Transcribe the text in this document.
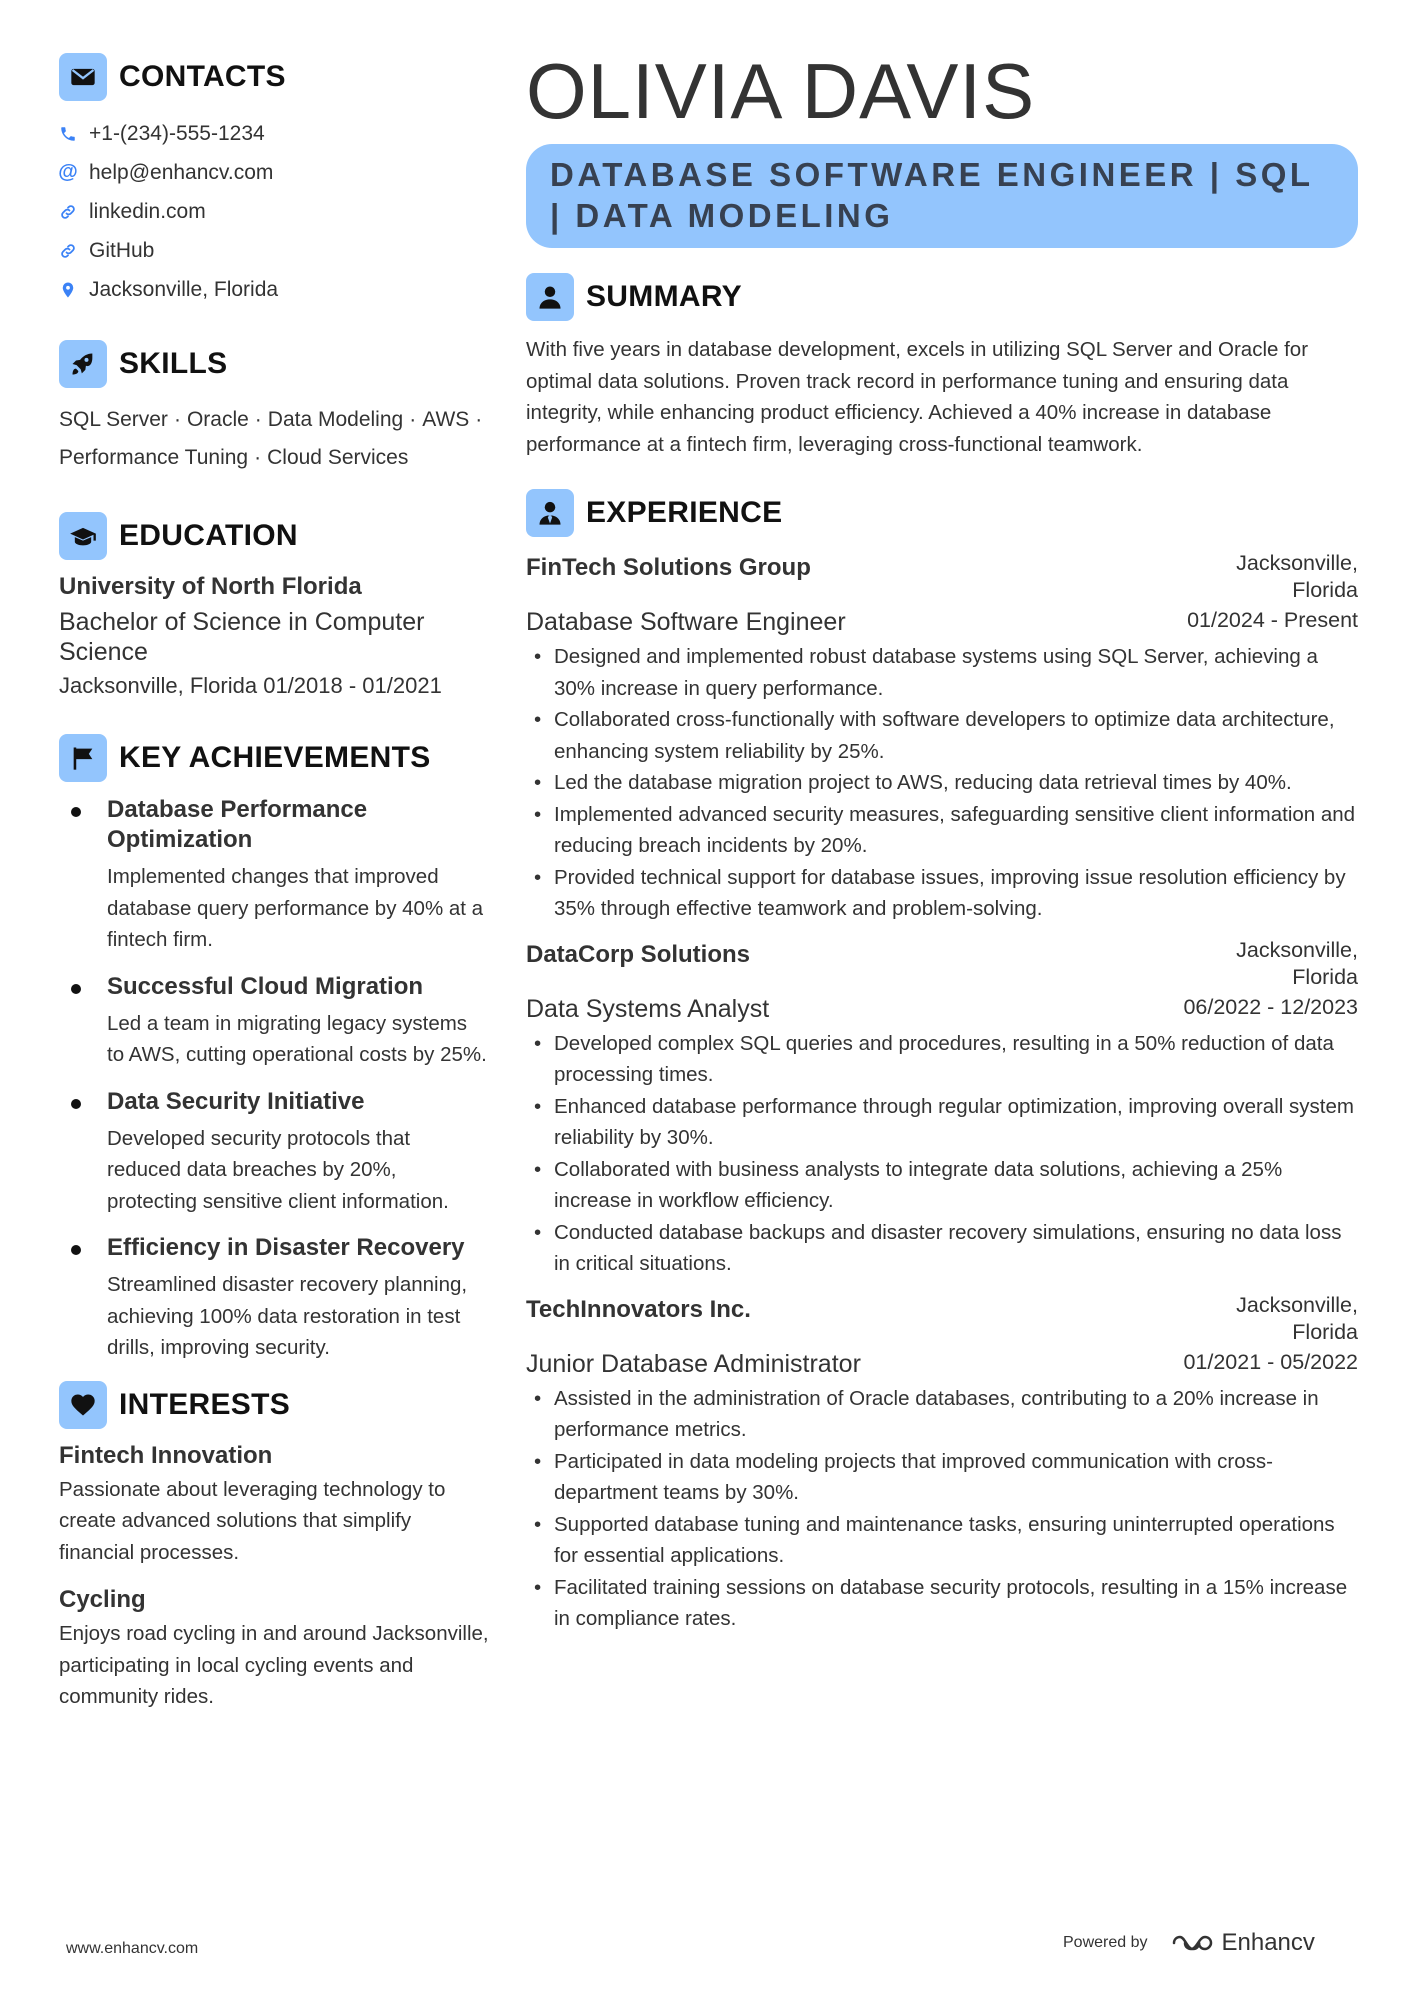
CONTACTS
+1-(234)-555-1234
@ help@enhancv.com
linkedin.com
GitHub
Jacksonville, Florida
SKILLS
SQL Server · Oracle · Data Modeling · AWS ·
Performance Tuning · Cloud Services
EDUCATION
University of North Florida
Bachelor of Science in Computer Science
Jacksonville, Florida 01/2018 - 01/2021
KEY ACHIEVEMENTS
Database Performance Optimization
Implemented changes that improved database query performance by 40% at a fintech firm.
Successful Cloud Migration
Led a team in migrating legacy systems to AWS, cutting operational costs by 25%.
Data Security Initiative
Developed security protocols that reduced data breaches by 20%, protecting sensitive client information.
Efficiency in Disaster Recovery
Streamlined disaster recovery planning, achieving 100% data restoration in test drills, improving security.
INTERESTS
Fintech Innovation
Passionate about leveraging technology to create advanced solutions that simplify financial processes.
Cycling
Enjoys road cycling in and around Jacksonville, participating in local cycling events and community rides.
OLIVIA DAVIS
DATABASE SOFTWARE ENGINEER | SQL | DATA MODELING
SUMMARY
With five years in database development, excels in utilizing SQL Server and Oracle for optimal data solutions. Proven track record in performance tuning and ensuring data integrity, while enhancing product efficiency. Achieved a 40% increase in database performance at a fintech firm, leveraging cross-functional teamwork.
EXPERIENCE
FinTech Solutions Group	Jacksonville, Florida
Database Software Engineer	01/2024 - Present
• Designed and implemented robust database systems using SQL Server, achieving a 30% increase in query performance.
• Collaborated cross-functionally with software developers to optimize data architecture, enhancing system reliability by 25%.
• Led the database migration project to AWS, reducing data retrieval times by 40%.
• Implemented advanced security measures, safeguarding sensitive client information and reducing breach incidents by 20%.
• Provided technical support for database issues, improving issue resolution efficiency by 35% through effective teamwork and problem-solving.
DataCorp Solutions	Jacksonville, Florida
Data Systems Analyst	06/2022 - 12/2023
• Developed complex SQL queries and procedures, resulting in a 50% reduction of data processing times.
• Enhanced database performance through regular optimization, improving overall system reliability by 30%.
• Collaborated with business analysts to integrate data solutions, achieving a 25% increase in workflow efficiency.
• Conducted database backups and disaster recovery simulations, ensuring no data loss in critical situations.
TechInnovators Inc.	Jacksonville, Florida
Junior Database Administrator	01/2021 - 05/2022
• Assisted in the administration of Oracle databases, contributing to a 20% increase in performance metrics.
• Participated in data modeling projects that improved communication with cross-department teams by 30%.
• Supported database tuning and maintenance tasks, ensuring uninterrupted operations for essential applications.
• Facilitated training sessions on database security protocols, resulting in a 15% increase in compliance rates.
www.enhancv.com	Powered by	Enhancv
